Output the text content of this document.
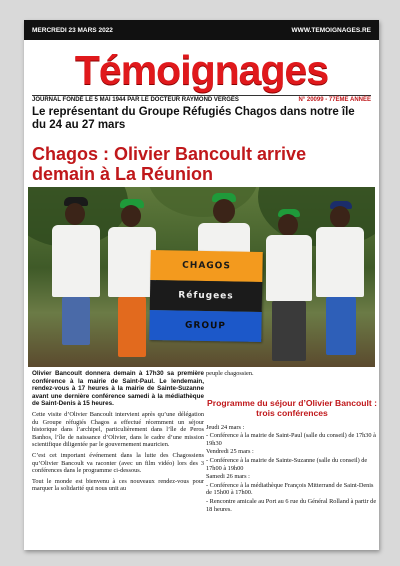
MERCREDI 23 MARS 2022	WWW.TEMOIGNAGES.RE
Témoignages
JOURNAL FONDÉ LE 5 MAI 1944 PAR LE DOCTEUR RAYMOND VERGÈS	N° 20099 - 77ÈME ANNÉE
Le représentant du Groupe Réfugiés Chagos dans notre île du 24 au 27 mars
Chagos : Olivier Bancoult arrive demain à La Réunion
CHAGOS
Réfugees
GROUP

Olivier Bancoult donnera demain à 17h30 sa première conférence à la mairie de Saint-Paul. Le lendemain, rendez-vous à 17 heures à la mairie de Sainte-Suzanne avant une dernière conférence samedi à la médiathèque de Saint-Denis à 15 heures.

Cette visite d’Olivier Bancoult intervient après qu’une délégation du Groupe réfugiés Chagos a effectué récemment un séjour historique dans l’archipel, particulièrement dans l’île de Peros Banhos, l’île de naissance d’Olivier, dans le cadre d’une mission scientifique diligentée par le gouvernement mauricien.

C’est cet important événement dans la lutte des Chagossiens qu’Olivier Bancoult va raconter (avec un film vidéo) lors des 3 conférences dans le programme ci-dessous.

Tout le monde est bienvenu à ces nouveaux rendez-vous pour marquer la solidarité qui nous unit au

peuple chagossien.

Programme du séjour d’Olivier Bancoult : trois conférences

Jeudi 24 mars :

- Conférence à la mairie de Saint-Paul (salle du conseil) de 17h30 à 19h30

Vendredi 25 mars :

- Conférence à la mairie de Sainte-Suzanne (salle du conseil) de 17h00 à 19h00

Samedi 26 mars :

- Conférence à la médiathèque François Mitterrand de Saint-Denis de 15h00 à 17h00.

- Rencontre amicale au Port au 6 rue du Général Rolland à partir de 18 heures.
